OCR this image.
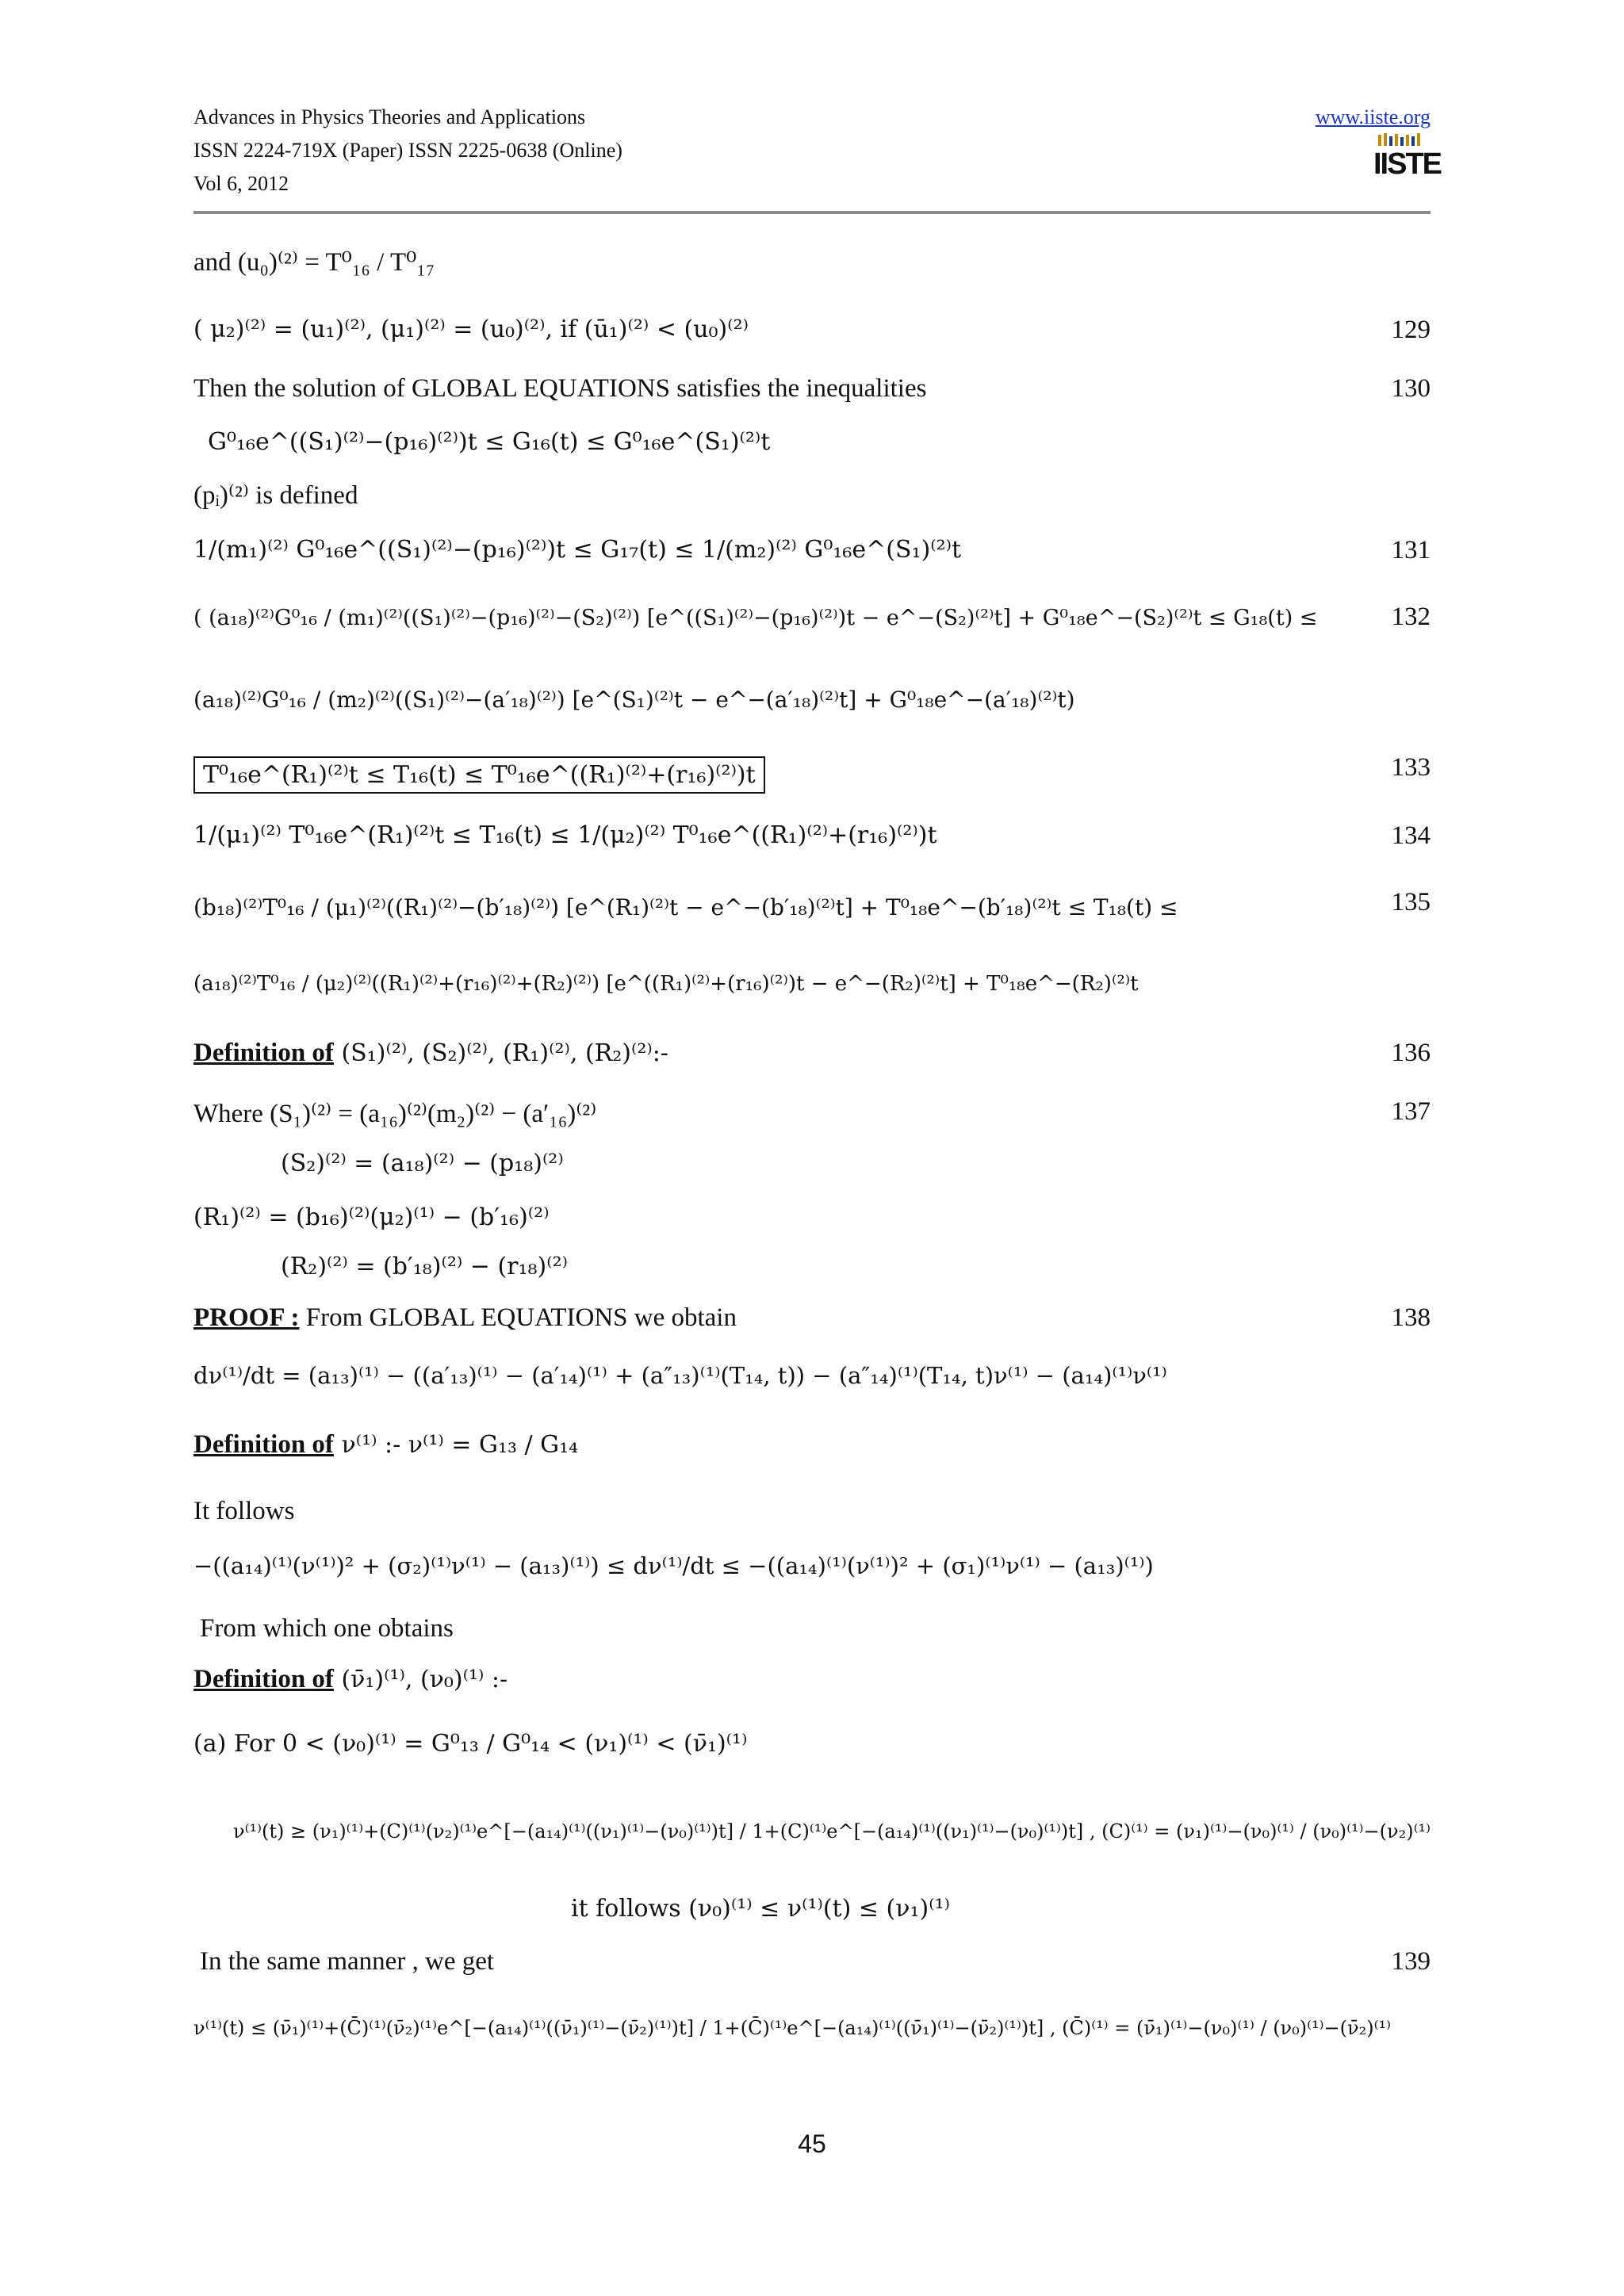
Advances in Physics Theories and Applications
ISSN 2224-719X (Paper) ISSN 2225-0638 (Online)
Vol 6, 2012
www.iiste.org
IISTE
and (u₀)⁽²⁾ = T⁰₁₆ / T⁰₁₇
( μ₂)⁽²⁾ = (u₁)⁽²⁾, (μ₁)⁽²⁾ = (u₀)⁽²⁾, if (ū₁)⁽²⁾ < (u₀)⁽²⁾	129
Then the solution of GLOBAL EQUATIONS satisfies the inequalities	130
G⁰₁₆e^((S₁)⁽²⁾−(p₁₆)⁽²⁾)t ≤ G₁₆(t) ≤ G⁰₁₆e^(S₁)⁽²⁾t
(pᵢ)⁽²⁾ is defined
1/(m₁)⁽²⁾ G⁰₁₆e^((S₁)⁽²⁾−(p₁₆)⁽²⁾)t ≤ G₁₇(t) ≤ 1/(m₂)⁽²⁾ G⁰₁₆e^(S₁)⁽²⁾t	131
( (a₁₈)⁽²⁾G⁰₁₆ / (m₁)⁽²⁾((S₁)⁽²⁾−(p₁₆)⁽²⁾−(S₂)⁽²⁾) [e^((S₁)⁽²⁾−(p₁₆)⁽²⁾)t − e^−(S₂)⁽²⁾t] + G⁰₁₈e^−(S₂)⁽²⁾t ≤ G₁₈(t) ≤	132
(a₁₈)⁽²⁾G⁰₁₆ / (m₂)⁽²⁾((S₁)⁽²⁾−(a′₁₈)⁽²⁾) [e^(S₁)⁽²⁾t − e^−(a′₁₈)⁽²⁾t] + G⁰₁₈e^−(a′₁₈)⁽²⁾t)
T⁰₁₆e^(R₁)⁽²⁾t ≤ T₁₆(t) ≤ T⁰₁₆e^((R₁)⁽²⁾+(r₁₆)⁽²⁾)t	133
1/(μ₁)⁽²⁾ T⁰₁₆e^(R₁)⁽²⁾t ≤ T₁₆(t) ≤ 1/(μ₂)⁽²⁾ T⁰₁₆e^((R₁)⁽²⁾+(r₁₆)⁽²⁾)t	134
(b₁₈)⁽²⁾T⁰₁₆ / (μ₁)⁽²⁾((R₁)⁽²⁾−(b′₁₈)⁽²⁾) [e^(R₁)⁽²⁾t − e^−(b′₁₈)⁽²⁾t] + T⁰₁₈e^−(b′₁₈)⁽²⁾t ≤ T₁₈(t) ≤	135
(a₁₈)⁽²⁾T⁰₁₆ / (μ₂)⁽²⁾((R₁)⁽²⁾+(r₁₆)⁽²⁾+(R₂)⁽²⁾) [e^((R₁)⁽²⁾+(r₁₆)⁽²⁾)t − e^−(R₂)⁽²⁾t] + T⁰₁₈e^−(R₂)⁽²⁾t
Definition of (S₁)⁽²⁾, (S₂)⁽²⁾, (R₁)⁽²⁾, (R₂)⁽²⁾:-	136
Where (S₁)⁽²⁾ = (a₁₆)⁽²⁾(m₂)⁽²⁾ − (a′₁₆)⁽²⁾	137
(S₂)⁽²⁾ = (a₁₈)⁽²⁾ − (p₁₈)⁽²⁾
(R₁)⁽²⁾ = (b₁₆)⁽²⁾(μ₂)⁽¹⁾ − (b′₁₆)⁽²⁾
(R₂)⁽²⁾ = (b′₁₈)⁽²⁾ − (r₁₈)⁽²⁾
PROOF : From GLOBAL EQUATIONS we obtain	138
dν⁽¹⁾/dt = (a₁₃)⁽¹⁾ − ((a′₁₃)⁽¹⁾ − (a′₁₄)⁽¹⁾ + (a″₁₃)⁽¹⁾(T₁₄, t)) − (a″₁₄)⁽¹⁾(T₁₄, t)ν⁽¹⁾ − (a₁₄)⁽¹⁾ν⁽¹⁾
Definition of ν⁽¹⁾ :- ν⁽¹⁾ = G₁₃ / G₁₄
It follows
−((a₁₄)⁽¹⁾(ν⁽¹⁾)² + (σ₂)⁽¹⁾ν⁽¹⁾ − (a₁₃)⁽¹⁾) ≤ dν⁽¹⁾/dt ≤ −((a₁₄)⁽¹⁾(ν⁽¹⁾)² + (σ₁)⁽¹⁾ν⁽¹⁾ − (a₁₃)⁽¹⁾)
From which one obtains
Definition of (ν̄₁)⁽¹⁾, (ν₀)⁽¹⁾ :-
(a) For 0 < (ν₀)⁽¹⁾ = G⁰₁₃ / G⁰₁₄ < (ν₁)⁽¹⁾ < (ν̄₁)⁽¹⁾
ν⁽¹⁾(t) ≥ (ν₁)⁽¹⁾+(C)⁽¹⁾(ν₂)⁽¹⁾e^[−(a₁₄)⁽¹⁾((ν₁)⁽¹⁾−(ν₀)⁽¹⁾)t] / 1+(C)⁽¹⁾e^[−(a₁₄)⁽¹⁾((ν₁)⁽¹⁾−(ν₀)⁽¹⁾)t] , (C)⁽¹⁾ = (ν₁)⁽¹⁾−(ν₀)⁽¹⁾ / (ν₀)⁽¹⁾−(ν₂)⁽¹⁾
it follows (ν₀)⁽¹⁾ ≤ ν⁽¹⁾(t) ≤ (ν₁)⁽¹⁾
In the same manner , we get	139
ν⁽¹⁾(t) ≤ (ν̄₁)⁽¹⁾+(C̄)⁽¹⁾(ν̄₂)⁽¹⁾e^[−(a₁₄)⁽¹⁾((ν̄₁)⁽¹⁾−(ν̄₂)⁽¹⁾)t] / 1+(C̄)⁽¹⁾e^[−(a₁₄)⁽¹⁾((ν̄₁)⁽¹⁾−(ν̄₂)⁽¹⁾)t] , (C̄)⁽¹⁾ = (ν̄₁)⁽¹⁾−(ν₀)⁽¹⁾ / (ν₀)⁽¹⁾−(ν̄₂)⁽¹⁾
45
